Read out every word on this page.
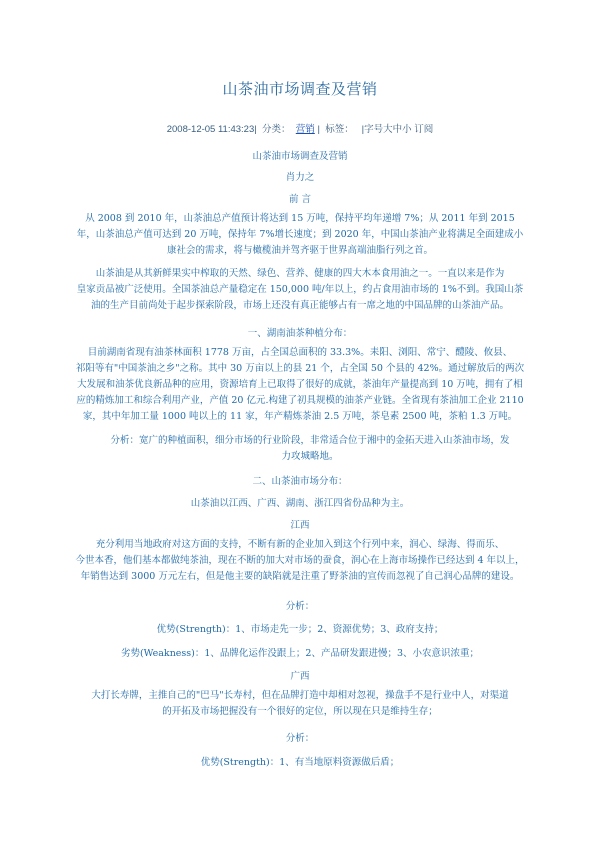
山茶油市场调查及营销
2008-12-05 11:43:23|  分类： 营销 |  标签： |字号大中小 订阅
山茶油市场调查及营销
肖力之
前 言
从 2008 到 2010 年，山茶油总产值预计将达到 15 万吨，保持平均年递增 7%；从 2011 年到 2015
年，山茶油总产值可达到 20 万吨，保持年 7%增长速度；到 2020 年，中国山茶油产业将满足全面建成小
康社会的需求，将与橄榄油并驾齐驱于世界高端油脂行列之首。
山茶油是从其新鲜果实中榨取的天然、绿色、营养、健康的四大木本食用油之一。一直以来是作为
皇家贡品被广泛使用。全国茶油总产量稳定在 150,000 吨/年以上，约占食用油市场的 1%不到。我国山茶
油的生产目前尚处于起步探索阶段，市场上还没有真正能够占有一席之地的中国品牌的山茶油产品。
一、湖南油茶种植分布：
目前湖南省现有油茶林面积 1778 万亩，占全国总面积的 33.3%。耒阳、浏阳、常宁、醴陵、攸县、
祁阳等有"中国茶油之乡"之称。其中 30 万亩以上的县 21 个，占全国 50 个县的 42%。通过解放后的两次
大发展和油茶优良新品种的应用，资源培育上已取得了很好的成就，茶油年产量提高到 10 万吨，拥有了相
应的精炼加工和综合利用产业，产值 20 亿元.构建了初具规模的油茶产业链。全省现有茶油加工企业 2110
家，其中年加工量 1000 吨以上的 11 家，年产精炼茶油 2.5 万吨，茶皂素 2500 吨，茶粕 1.3 万吨。
分析：宽广的种植面积，细分市场的行业阶段，非常适合位于湘中的金拓天进入山茶油市场，发
力攻城略地。
二、山茶油市场分布：
山茶油以江西、广西、湖南、浙江四省份品种为主。
江西
充分利用当地政府对这方面的支持，不断有新的企业加入到这个行列中来，润心、绿海、得而乐、
今世本香，他们基本都做纯茶油，现在不断的加大对市场的蚕食，润心在上海市场操作已经达到 4 年以上，
年销售达到 3000 万元左右，但是他主要的缺陷就是注重了野茶油的宣传而忽视了自己润心品牌的建设。
分析：
优势(Strength)：1、市场走先一步；2、资源优势；3、政府支持；
劣势(Weakness)：1、品牌化运作没跟上；2、产品研发跟进慢；3、小农意识浓重；
广西
大打长寿牌，主推自己的"巴马"长寿村，但在品牌打造中却相对忽视，操盘手不是行业中人，对渠道
的开拓及市场把握没有一个很好的定位，所以现在只是维持生存；
分析：
优势(Strength)：1、有当地原料资源做后盾；
